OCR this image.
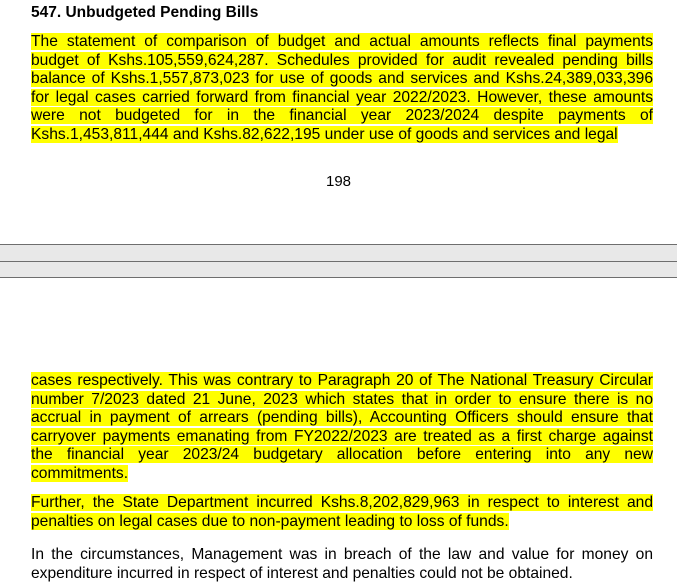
547. Unbudgeted Pending Bills

The statement of comparison of budget and actual amounts reflects final payments budget of Kshs.105,559,624,287. Schedules provided for audit revealed pending bills balance of Kshs.1,557,873,023 for use of goods and services and Kshs.24,389,033,396 for legal cases carried forward from financial year 2022/2023. However, these amounts were not budgeted for in the financial year 2023/2024 despite payments of Kshs.1,453,811,444 and Kshs.82,622,195 under use of goods and services and legal

198

cases respectively. This was contrary to Paragraph 20 of The National Treasury Circular number 7/2023 dated 21 June, 2023 which states that in order to ensure there is no accrual in payment of arrears (pending bills), Accounting Officers should ensure that carryover payments emanating from FY2022/2023 are treated as a first charge against the financial year 2023/24 budgetary allocation before entering into any new commitments.

Further, the State Department incurred Kshs.8,202,829,963 in respect to interest and penalties on legal cases due to non-payment leading to loss of funds.

In the circumstances, Management was in breach of the law and value for money on expenditure incurred in respect of interest and penalties could not be obtained.
